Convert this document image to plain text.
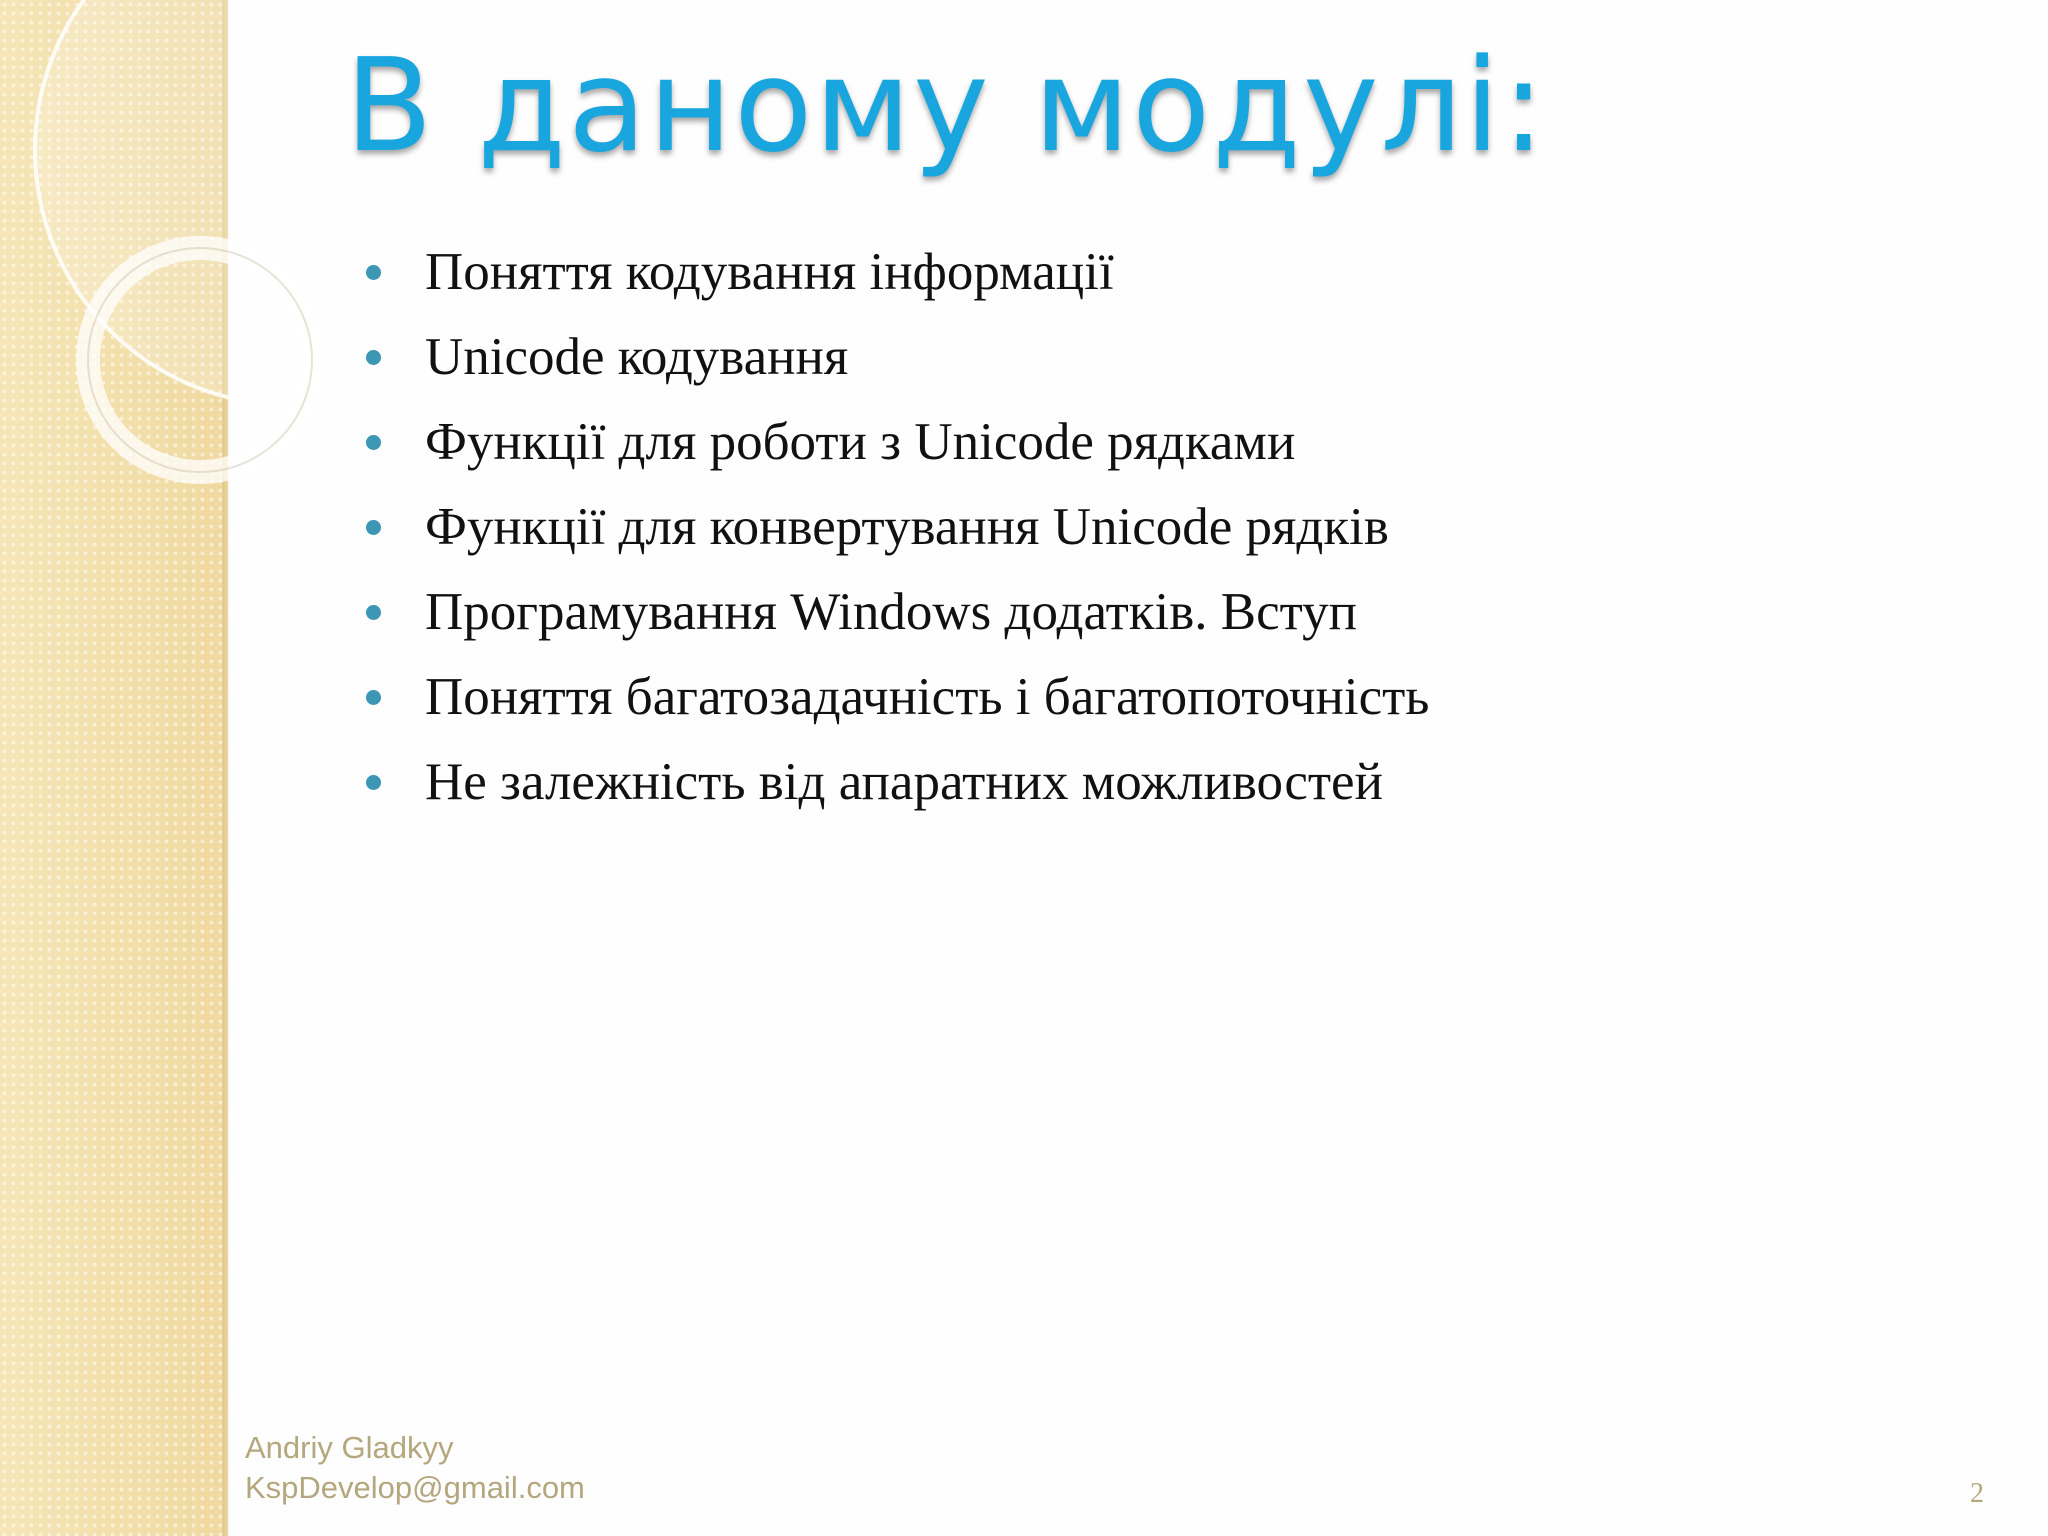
В даному модулі:
Поняття кодування інформації
Unicode кодування
Функції для роботи з Unicode рядками
Функції для конвертування Unicode рядків
Програмування Windows додатків. Вступ
Поняття багатозадачність і багатопоточність
Не залежність від апаратних можливостей
Andriy Gladkyy
KspDevelop@gmail.com	2
